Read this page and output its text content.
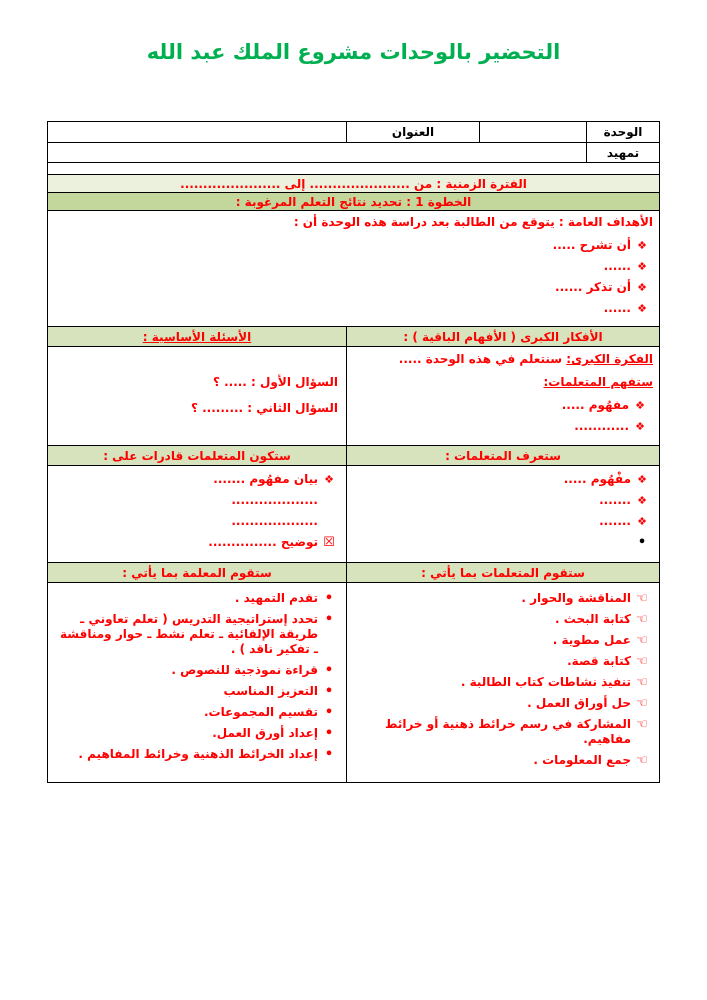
التحضير بالوحدات مشروع الملك عبد الله
الوحدة
العنوان
تمهيد
الفترة الزمنية : من ...................... إلى ......................
الخطوة 1 : تحديد نتائج التعلم المرغوبة :
الأهداف العامة : يتوقع من الطالبة بعد دراسة هذه الوحدة أن :
❖
أن تشرح .....
❖
......
❖
أن تذكر ......
❖
......
الأفكار الكبرى ( الأفهام الباقية ) :
الأسئلة الأساسية :
الفكرة الكبرى: سنتعلم في هذه الوحدة .....
ستفهم المتعلمات:
❖
مفهُوم .....
❖
............
السؤال الأول : ..... ؟
السؤال الثاني : ......... ؟
ستعرف المتعلمات :
ستكون المتعلمات قادرات على :
❖
مفْهُوم .....
❖
.......
❖
.......
•
❖
بيان مفهُوم .......
...................
...................
☒
توضيح ...............
ستقوم المتعلمات بما يأتي :
ستقوم المعلمة بما يأتي :
☜
المناقشة والحوار .
☜
كتابة البحث .
☜
عمل مطوية .
☜
كتابة قصة.
☜
تنفيذ نشاطات كتاب الطالبة .
☜
حل أوراق العمل .
☜
المشاركة في رسم خرائط ذهنية أو خرائط مفاهيم.
☜
جمع المعلومات .
•
تقدم التمهيد .
•
تحدد إستراتيجية التدريس ( تعلم تعاوني ـ طريقة الإلقائية ـ تعلم نشط ـ حوار ومناقشة ـ تفكير ناقد ) .
•
قراءة نموذجية للنصوص .
•
التعزيز المناسب
•
تقسيم المجموعات.
•
إعداد أورق العمل.
•
إعداد الخرائط الذهنية وخرائط المفاهيم .
